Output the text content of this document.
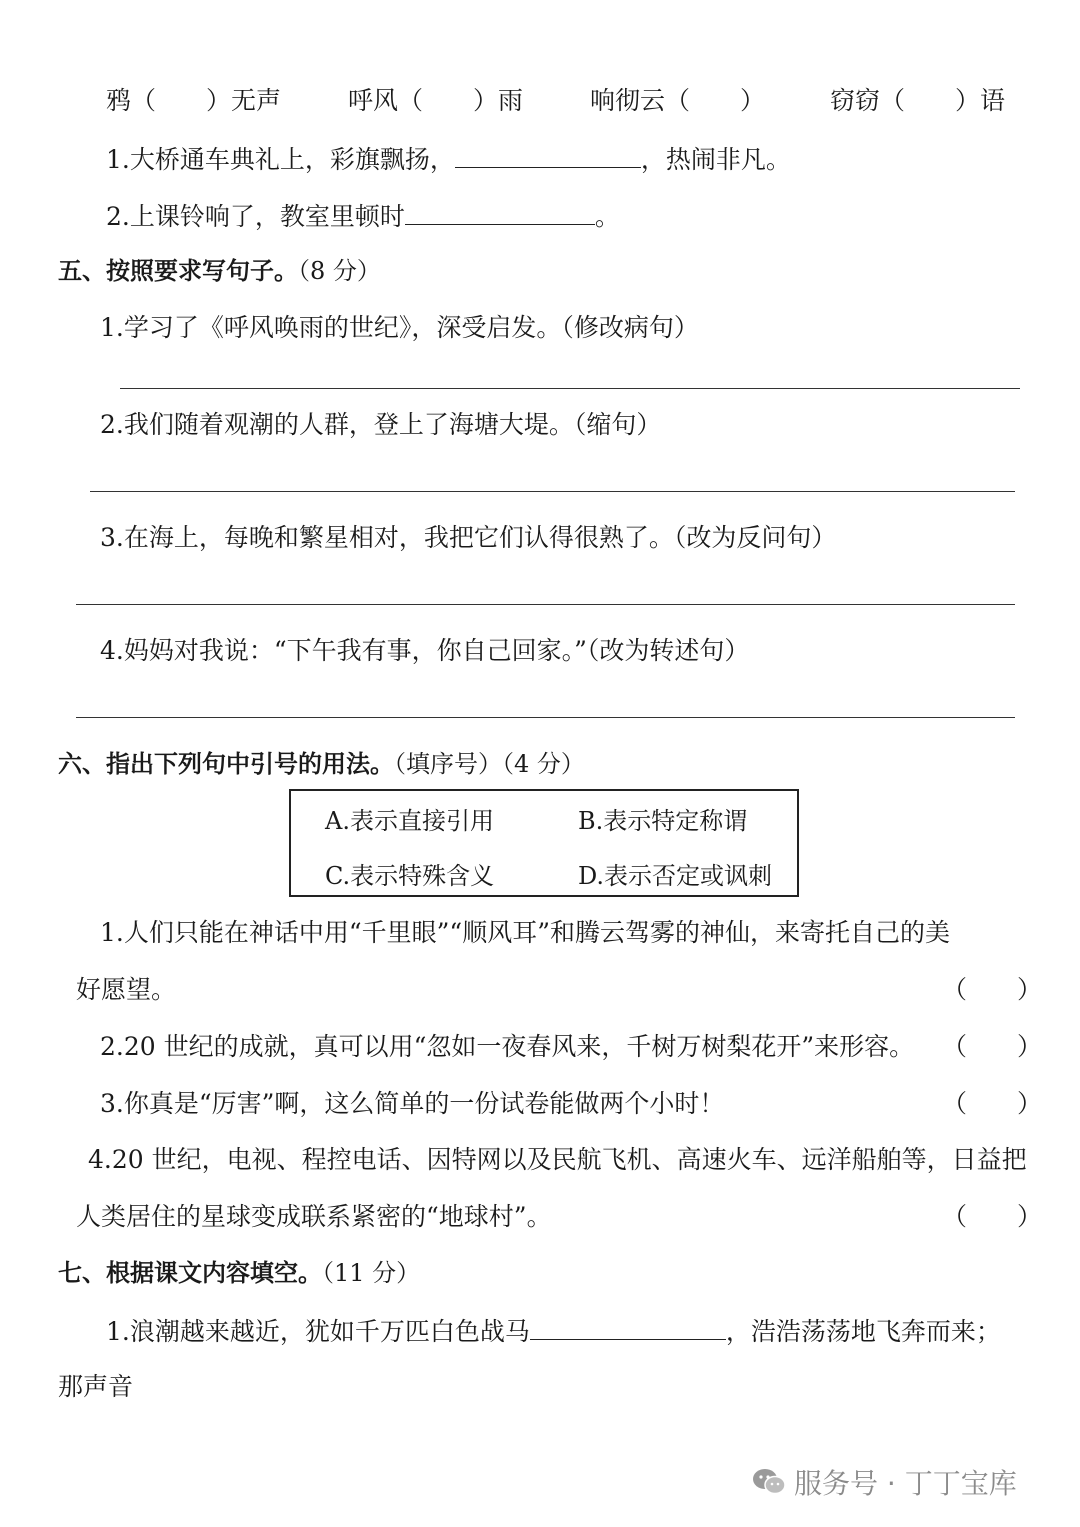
鸦（ ）无声	呼风（ ）雨	响彻云（ ）	窃窃（ ）语
1.大桥通车典礼上，彩旗飘扬，	，热闹非凡。
2.上课铃响了，教室里顿时	。
五、按照要求写句子。（8 分）
1.学习了《呼风唤雨的世纪》，深受启发。（修改病句）
2.我们随着观潮的人群，登上了海塘大堤。（缩句）
3.在海上，每晚和繁星相对，我把它们认得很熟了。（改为反问句）
4.妈妈对我说：“下午我有事，你自己回家。”（改为转述句）
六、指出下列句中引号的用法。（填序号）（4 分）
A.表示直接引用	B.表示特定称谓
C.表示特殊含义	D.表示否定或讽刺
1.人们只能在神话中用“千里眼”“顺风耳”和腾云驾雾的神仙，来寄托自己的美
好愿望。	（　　）
2.20 世纪的成就，真可以用“忽如一夜春风来，千树万树梨花开”来形容。 （　　）
3.你真是“厉害”啊，这么简单的一份试卷能做两个小时！	（　　）
4.20 世纪，电视、程控电话、因特网以及民航飞机、高速火车、远洋船舶等，日益把
人类居住的星球变成联系紧密的“地球村”。	（　　）
七、根据课文内容填空。（11 分）
1.浪潮越来越近，犹如千万匹白色战马	，浩浩荡荡地飞奔而来；
那声音
服务号 · 丁丁宝库
